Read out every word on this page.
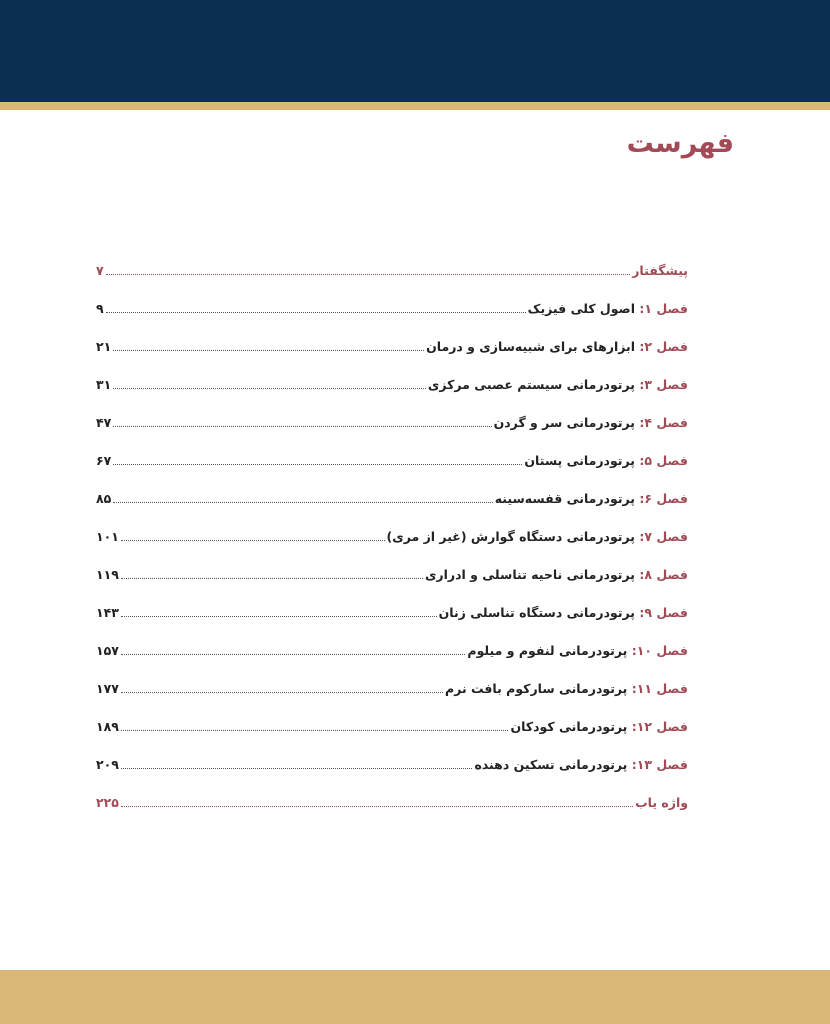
فهرست
پیشگفتار
۷
فصل ۱: اصول کلی فیزیک
۹
فصل ۲: ابزارهای برای شبیه‌سازی و درمان
۲۱
فصل ۳: پرتودرمانی سیستم عصبی مرکزی
۳۱
فصل ۴: پرتودرمانی سر و گردن
۴۷
فصل ۵: پرتودرمانی پستان
۶۷
فصل ۶: پرتودرمانی قفسه‌سینه
۸۵
فصل ۷: پرتودرمانی دستگاه گوارش (غیر از مری)
۱۰۱
فصل ۸: پرتودرمانی ناحیه تناسلی و ادراری
۱۱۹
فصل ۹: پرتودرمانی دستگاه تناسلی زنان
۱۴۳
فصل ۱۰: پرتودرمانی لنفوم و میلوم
۱۵۷
فصل ۱۱: پرتودرمانی سارکوم بافت نرم
۱۷۷
فصل ۱۲: پرتودرمانی کودکان
۱۸۹
فصل ۱۳: پرتودرمانی تسکین دهنده
۲۰۹
واژه یاب
۲۲۵
